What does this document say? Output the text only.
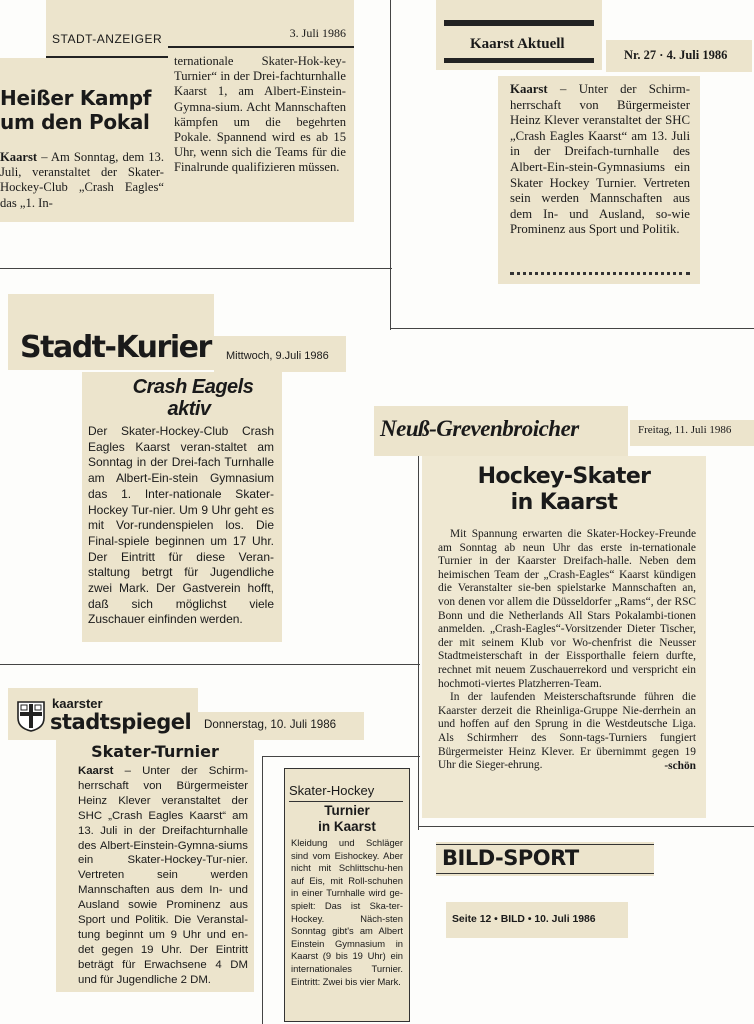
STADT-ANZEIGER	3. Juli 1986
Heißer Kampf
um den Pokal
Kaarst – Am Sonntag, dem 13. Juli, veranstaltet der Skater-Hockey-Club „Crash Eagles“ das „1. In-
ternationale Skater-Hok-key-Turnier“ in der Drei-fachturnhalle Kaarst 1, am Albert-Einstein-Gymna-sium. Acht Mannschaften kämpfen um die begehrten Pokale. Spannend wird es ab 15 Uhr, wenn sich die Teams für die Finalrunde qualifizieren müssen.
Kaarst Aktuell
Nr. 27 · 4. Juli 1986
Kaarst – Unter der Schirm-herrschaft von Bürgermeister Heinz Klever veranstaltet der SHC „Crash Eagles Kaarst“ am 13. Juli in der Dreifach-turnhalle des Albert-Ein-stein-Gymnasiums ein Skater Hockey Turnier. Vertreten sein werden Mannschaften aus dem In- und Ausland, so-wie Prominenz aus Sport und Politik.
Stadt-Kurier Mittwoch, 9.Juli 1986
Crash Eagels
aktiv
Der Skater-Hockey-Club Crash Eagles Kaarst veran-staltet am Sonntag in der Drei-fach Turnhalle am Albert-Ein-stein Gymnasium das 1. Inter-nationale Skater-Hockey Tur-nier. Um 9 Uhr geht es mit Vor-rundenspielen los. Die Final-spiele beginnen um 17 Uhr. Der Eintritt für diese Veran-staltung betrgt für Jugendliche zwei Mark. Der Gastverein hofft, daß sich möglichst viele Zuschauer einfinden werden.
Neuß-Grevenbroicher	Freitag, 11. Juli 1986
Hockey-Skater
in Kaarst

Mit Spannung erwarten die Skater-Hockey-Freunde am Sonntag ab neun Uhr das erste in-ternationale Turnier in der Kaarster Dreifach-halle. Neben dem heimischen Team der „Crash-Eagles“ Kaarst kündigen die Veranstalter sie-ben spielstarke Mannschaften an, von denen vor allem die Düsseldorfer „Rams“, der RSC Bonn und die Netherlands All Stars Pokalambi-tionen anmelden. „Crash-Eagles“-Vorsitzender Dieter Tischer, der mit seinem Klub vor Wo-chenfrist die Neusser Stadtmeisterschaft in der Eissporthalle feiern durfte, rechnet mit neuem Zuschauerrekord und verspricht ein hochmoti-viertes Platzherren-Team.

In der laufenden Meisterschaftsrunde führen die Kaarster derzeit die Rheinliga-Gruppe Nie-derrhein an und hoffen auf den Sprung in die Westdeutsche Liga. Als Schirmherr des Sonn-tags-Turniers fungiert Bürgermeister Heinz Klever. Er übernimmt gegen 19 Uhr die Sieger-ehrung.	-schön

kaarster
stadtspiegel Donnerstag, 10. Juli 1986
Skater-Turnier
Kaarst – Unter der Schirm-herrschaft von Bürgermeister Heinz Klever veranstaltet der SHC „Crash Eagles Kaarst“ am 13. Juli in der Dreifachturnhalle des Albert-Einstein-Gymna-siums ein Skater-Hockey-Tur-nier. Vertreten sein werden Mannschaften aus dem In- und Ausland sowie Prominenz aus Sport und Politik. Die Veranstal-tung beginnt um 9 Uhr und en-det gegen 19 Uhr. Der Eintritt beträgt für Erwachsene 4 DM und für Jugendliche 2 DM.
Skater-Hockey
Turnier
in Kaarst
Kleidung und Schläger sind vom Eishockey. Aber nicht mit Schlittschu-hen auf Eis, mit Roll-schuhen in einer Turnhalle wird ge-spielt: Das ist Ska-ter-Hockey. Näch-sten Sonntag gibt's am Albert Einstein Gymnasium in Kaarst (9 bis 19 Uhr) ein internationales Turnier. Eintritt: Zwei bis vier Mark.
BILD-SPORT
Seite 12 • BILD • 10. Juli 1986
